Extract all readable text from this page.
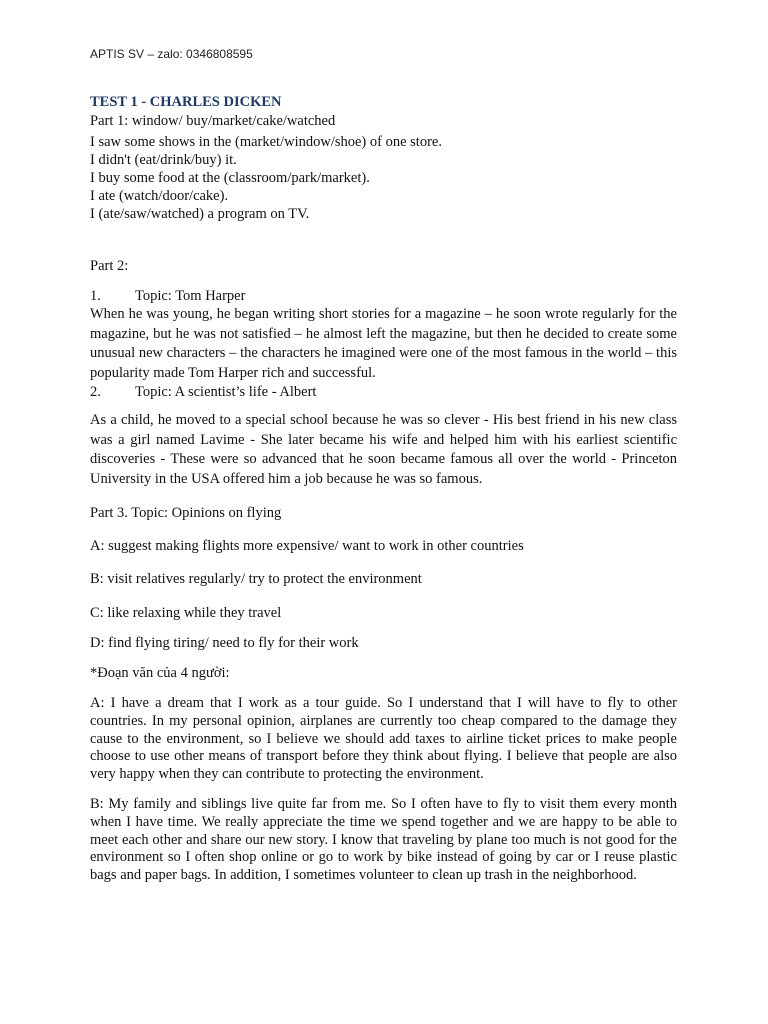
APTIS SV – zalo: 0346808595

TEST 1 - CHARLES DICKEN

Part 1: window/ buy/market/cake/watched

I saw some shows in the (market/window/shoe) of one store.

I didn't (eat/drink/buy) it.

I buy some food at the (classroom/park/market).

I ate (watch/door/cake).

I (ate/saw/watched) a program on TV.

Part 2:

1.	Topic: Tom Harper

When he was young, he began writing short stories for a magazine – he soon wrote regularly for the magazine, but he was not satisfied – he almost left the magazine, but then he decided to create some unusual new characters – the characters he imagined were one of the most famous in the world – this popularity made Tom Harper rich and successful.

2.	Topic: A scientist’s life - Albert

As a child, he moved to a special school because he was so clever - His best friend in his new class was a girl named Lavime - She later became his wife and helped him with his earliest scientific discoveries - These were so advanced that he soon became famous all over the world - Princeton University in the USA offered him a job because he was so famous.

Part 3. Topic: Opinions on flying

A: suggest making flights more expensive/ want to work in other countries

B: visit relatives regularly/ try to protect the environment

C: like relaxing while they travel

D: find flying tiring/ need to fly for their work

*Đoạn văn của 4 người:

A: I have a dream that I work as a tour guide. So I understand that I will have to fly to other countries. In my personal opinion, airplanes are currently too cheap compared to the damage they cause to the environment, so I believe we should add taxes to airline ticket prices to make people choose to use other means of transport before they think about flying. I believe that people are also very happy when they can contribute to protecting the environment.

B: My family and siblings live quite far from me. So I often have to fly to visit them every month when I have time. We really appreciate the time we spend together and we are happy to be able to meet each other and share our new story. I know that traveling by plane too much is not good for the environment so I often shop online or go to work by bike instead of going by car or I reuse plastic bags and paper bags. In addition, I sometimes volunteer to clean up trash in the neighborhood.
